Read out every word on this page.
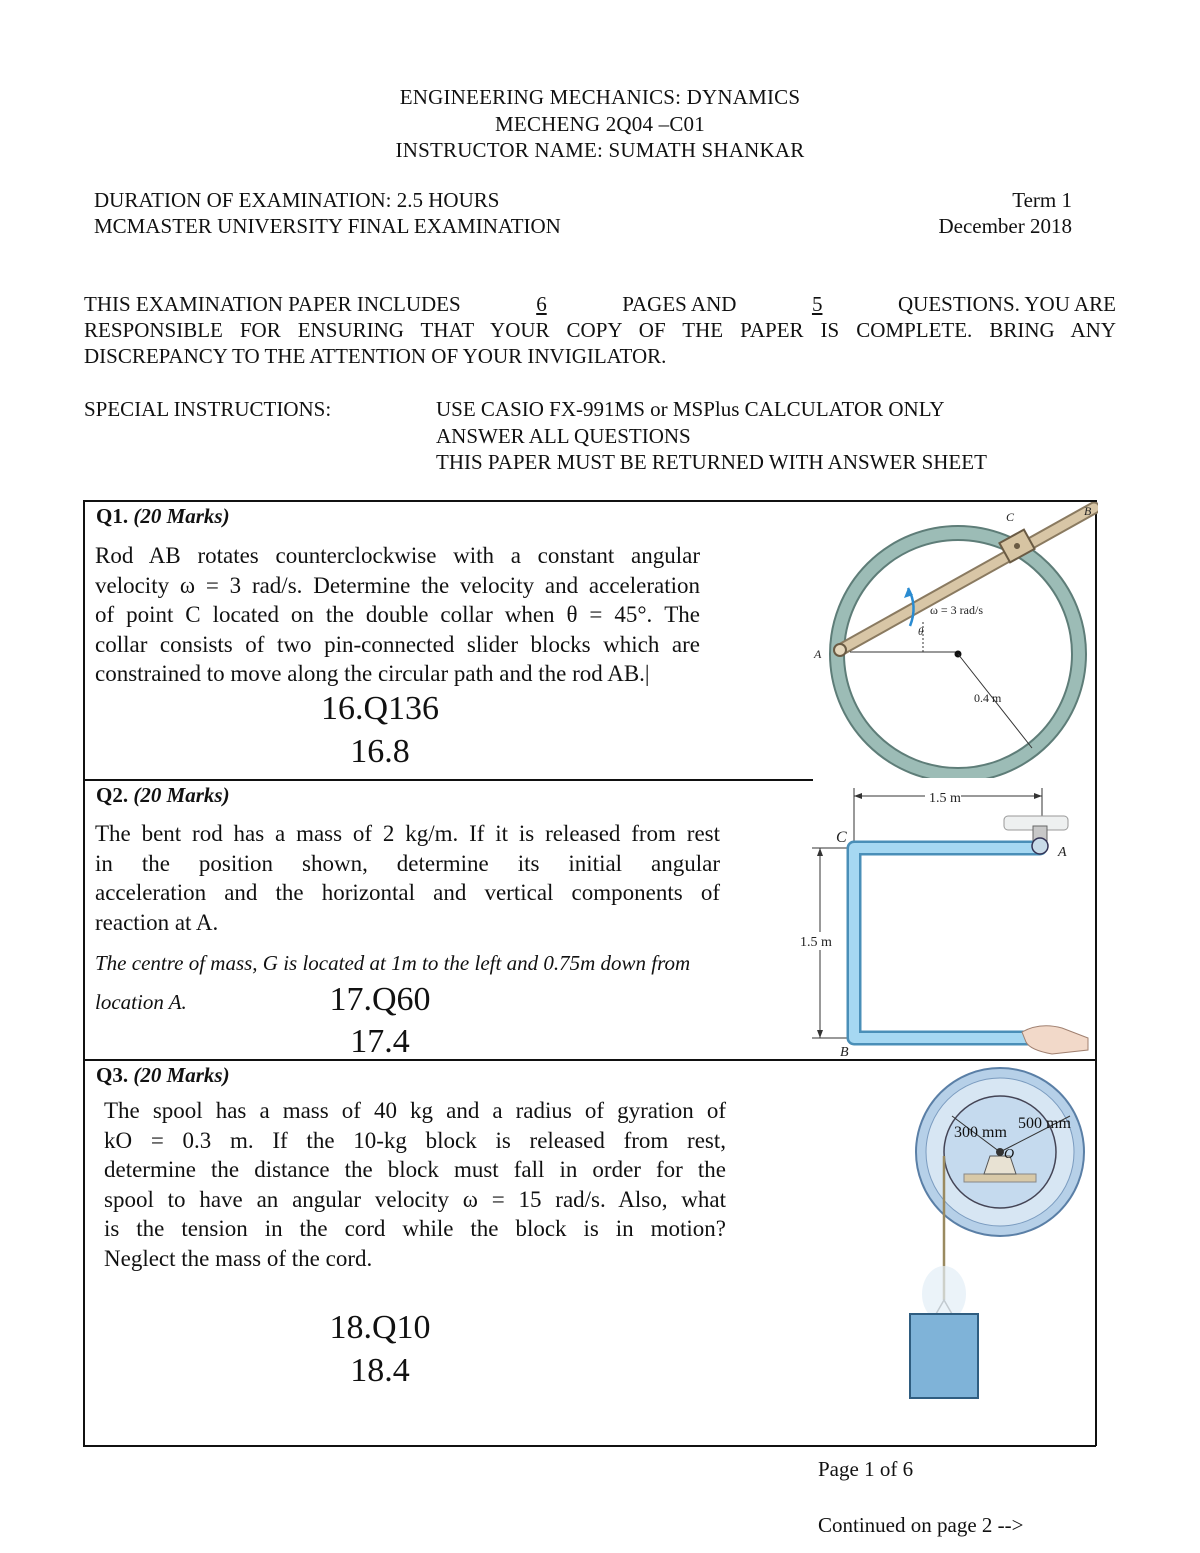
ENGINEERING MECHANICS: DYNAMICS
MECHENG 2Q04 –C01
INSTRUCTOR NAME: SUMATH SHANKAR
DURATION OF EXAMINATION: 2.5 HOURS
MCMASTER UNIVERSITY FINAL EXAMINATION
Term 1
December 2018
THIS EXAMINATION PAPER INCLUDES	6	PAGES AND	5	QUESTIONS. YOU ARE
RESPONSIBLE FOR ENSURING THAT YOUR COPY OF THE PAPER IS COMPLETE. BRING ANY
DISCREPANCY TO THE ATTENTION OF YOUR INVIGILATOR.
SPECIAL INSTRUCTIONS:	USE CASIO FX-991MS or MSPlus CALCULATOR ONLY
ANSWER ALL QUESTIONS
THIS PAPER MUST BE RETURNED WITH ANSWER SHEET
Q1. (20 Marks)
Rod AB rotates counterclockwise with a constant angular
velocity ω = 3 rad/s. Determine the velocity and acceleration
of point C located on the double collar when θ = 45°. The
collar consists of two pin-connected slider blocks which are
constrained to move along the circular path and the rod AB.|
16.Q136
16.8
ω = 3 rad/s
θ
0.4 m
A
B
C
Q2. (20 Marks)
The bent rod has a mass of 2 kg/m. If it is released from rest
in the position shown, determine its initial angular
acceleration and the horizontal and vertical components of
reaction at A.
The centre of mass, G is located at 1m to the left and 0.75m down from
location A.	17.Q60
17.4
1.5 m
1.5 m
A
C
B
Q3. (20 Marks)
The spool has a mass of 40 kg and a radius of gyration of
kO = 0.3 m. If the 10-kg block is released from rest,
determine the distance the block must fall in order for the
spool to have an angular velocity ω = 15 rad/s. Also, what
is the tension in the cord while the block is in motion?
Neglect the mass of the cord.
18.Q10
18.4
300 mm
500 mm
O
Page 1 of 6
Continued on page 2 -->
